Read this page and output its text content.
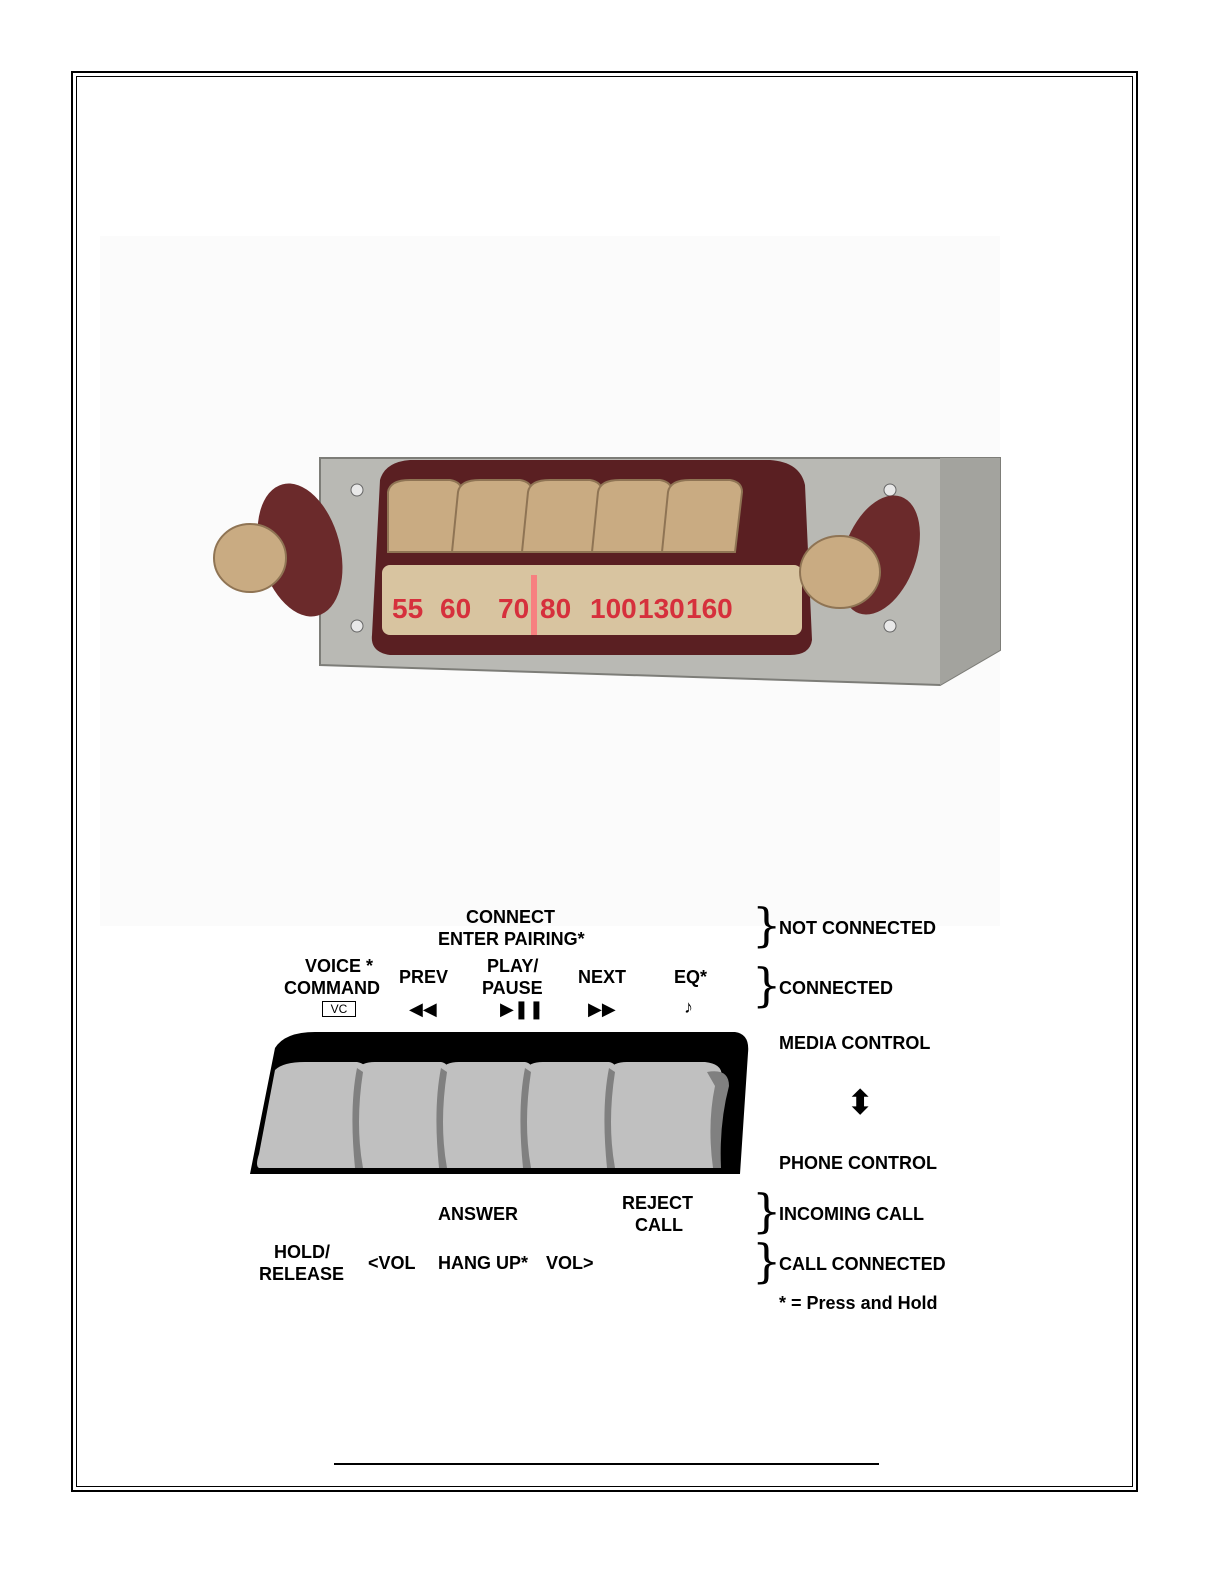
55 60 70 80 100 130 160
CONNECT
ENTER PAIRING*
VOICE *
COMMAND
VC
PREV
◀◀
PLAY/
PAUSE
▶❚❚
NEXT
▶▶
EQ*
♪
ANSWER
REJECT
CALL
HOLD/
RELEASE
<VOL HANG UP* VOL>
}
NOT CONNECTED
}
CONNECTED
MEDIA CONTROL
⬍
PHONE CONTROL
}
INCOMING CALL
}
CALL CONNECTED
* = Press and Hold
